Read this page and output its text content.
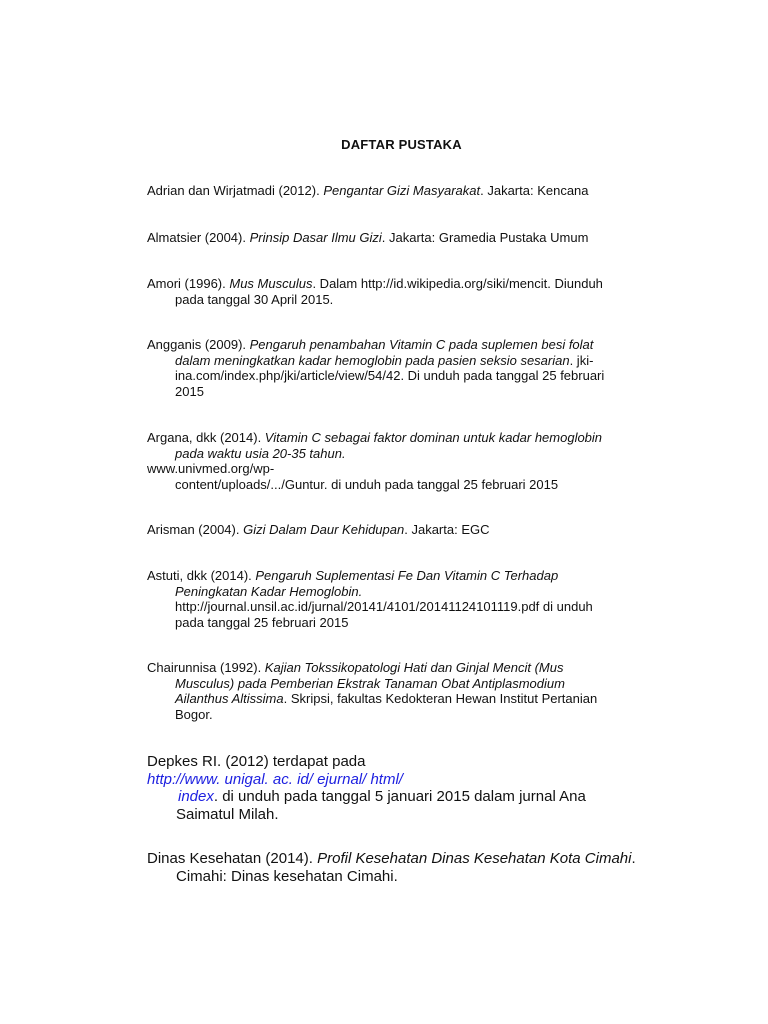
DAFTAR PUSTAKA
Adrian dan Wirjatmadi (2012). Pengantar Gizi Masyarakat. Jakarta: Kencana
Almatsier (2004). Prinsip Dasar Ilmu Gizi. Jakarta: Gramedia Pustaka Umum
Amori (1996). Mus Musculus. Dalam http://id.wikipedia.org/siki/mencit. Diunduh
pada tanggal 30 April 2015.
Angganis (2009). Pengaruh penambahan Vitamin C pada suplemen besi folat
dalam meningkatkan kadar hemoglobin pada pasien seksio sesarian. jki-
ina.com/index.php/jki/article/view/54/42. Di unduh pada tanggal 25 februari
2015
Argana, dkk (2014). Vitamin C sebagai faktor dominan untuk kadar hemoglobin
pada waktu usia 20-35 tahun.
www.univmed.org/wp-
content/uploads/.../Guntur. di unduh pada tanggal 25 februari 2015
Arisman (2004). Gizi Dalam Daur Kehidupan. Jakarta: EGC
Astuti, dkk (2014). Pengaruh Suplementasi Fe Dan Vitamin C Terhadap
Peningkatan Kadar Hemoglobin.
http://journal.unsil.ac.id/jurnal/20141/4101/20141124101119.pdf di unduh
pada tanggal 25 februari 2015
Chairunnisa (1992). Kajian Tokssikopatologi Hati dan Ginjal Mencit (Mus
Musculus) pada Pemberian Ekstrak Tanaman Obat Antiplasmodium
Ailanthus Altissima. Skripsi, fakultas Kedokteran Hewan Institut Pertanian
Bogor.
Depkes RI. (2012) terdapat pada
http://www. unigal. ac. id/ ejurnal/ html/
index. di unduh pada tanggal 5 januari 2015 dalam jurnal Ana
Saimatul Milah.
Dinas Kesehatan (2014). Profil Kesehatan Dinas Kesehatan Kota Cimahi.
Cimahi: Dinas kesehatan Cimahi.
